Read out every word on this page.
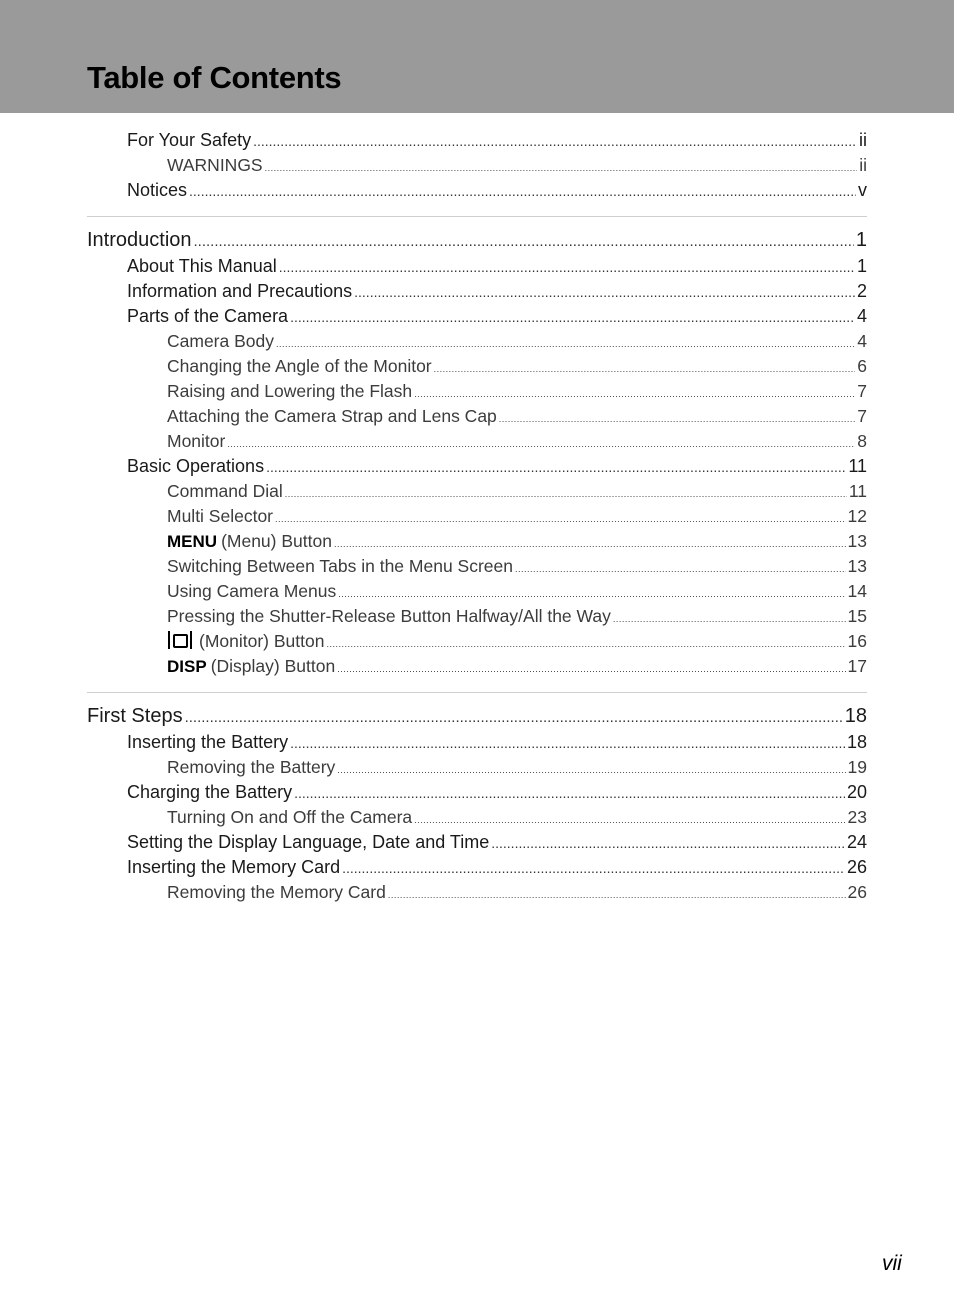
Table of Contents
For Your Safety .....	ii
WARNINGS .....	ii
Notices .....	v
Introduction .....	1
About This Manual .....	1
Information and Precautions .....	2
Parts of the Camera .....	4
Camera Body .....	4
Changing the Angle of the Monitor .....	6
Raising and Lowering the Flash .....	7
Attaching the Camera Strap and Lens Cap .....	7
Monitor .....	8
Basic Operations .....	11
Command Dial .....	11
Multi Selector .....	12
MENU (Menu) Button .....	13
Switching Between Tabs in the Menu Screen .....	13
Using Camera Menus .....	14
Pressing the Shutter-Release Button Halfway/All the Way .....	15
(Monitor) Button .....	16
DISP (Display) Button .....	17
First Steps .....	18
Inserting the Battery .....	18
Removing the Battery .....	19
Charging the Battery .....	20
Turning On and Off the Camera .....	23
Setting the Display Language, Date and Time .....	24
Inserting the Memory Card .....	26
Removing the Memory Card .....	26
vii
